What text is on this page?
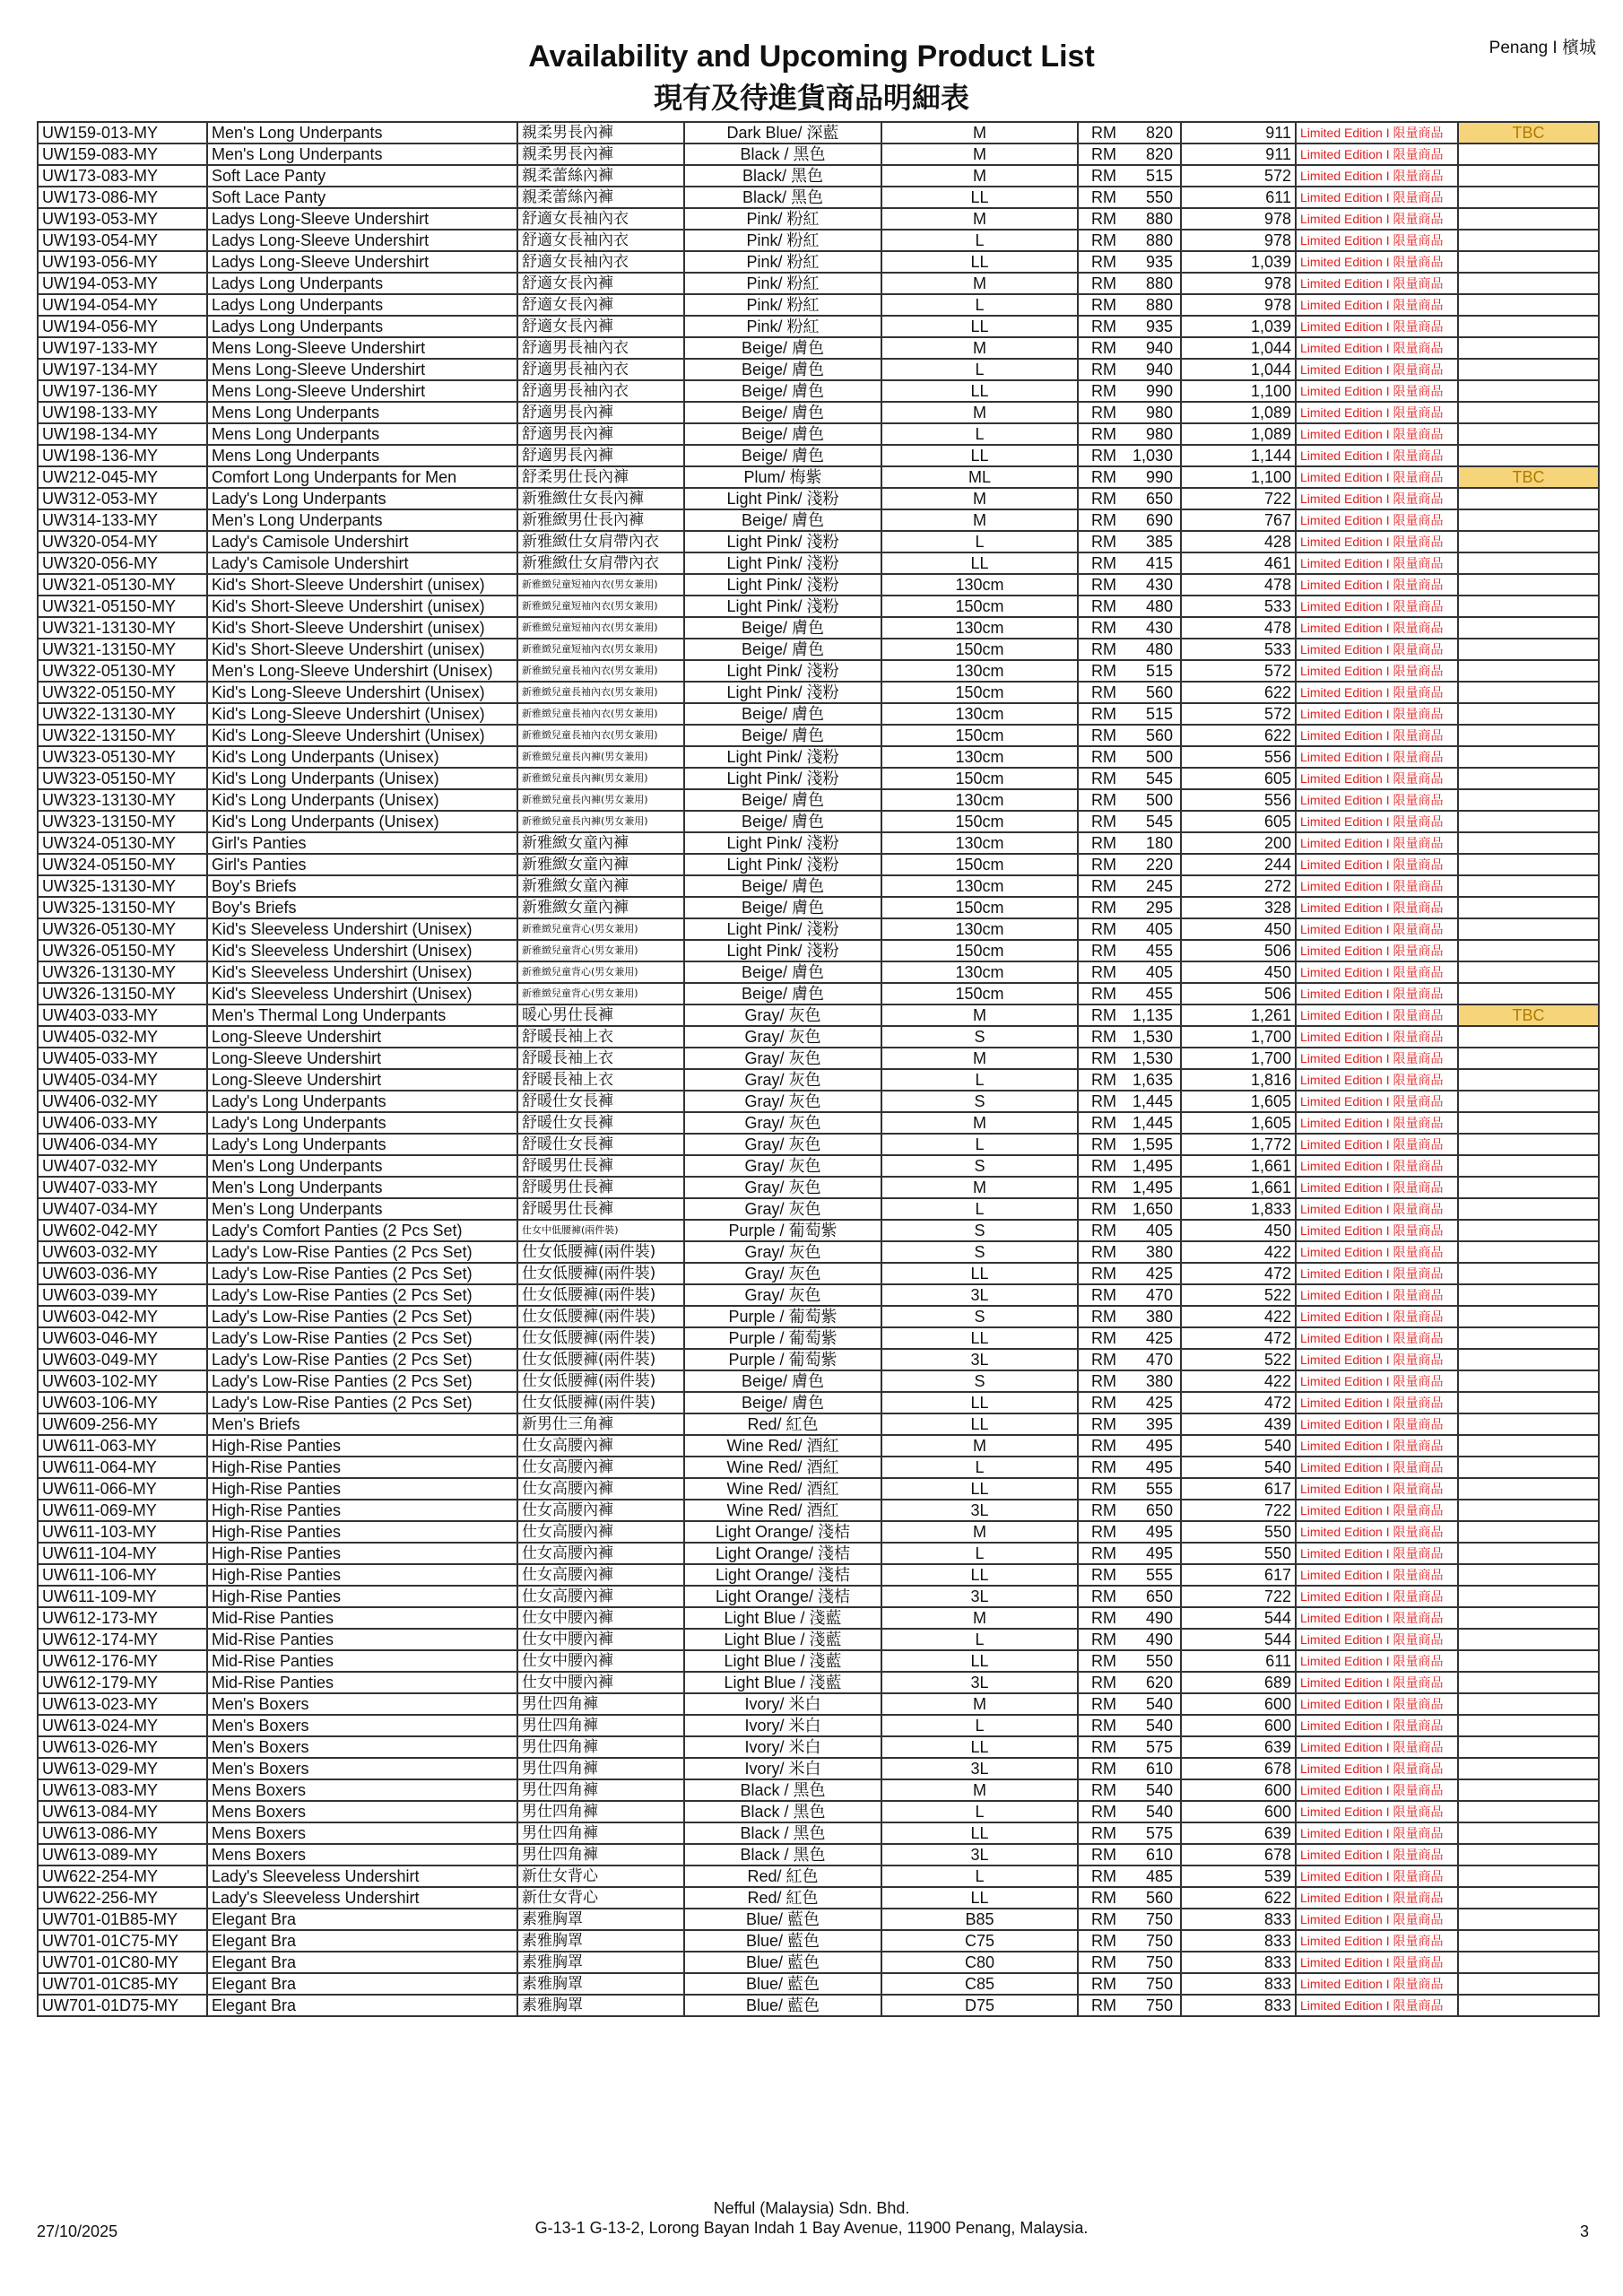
Penang I 檳城
Availability and Upcoming Product List
現有及待進貨商品明細表
UW159-013-MY	Men's Long Underpants	親柔男長內褲	Dark Blue/ 深藍	M	RM	820	911	Limited Edition I 限量商品	TBC
UW159-083-MY	Men's Long Underpants	親柔男長內褲	Black / 黑色	M	RM	820	911	Limited Edition I 限量商品	
UW173-083-MY	Soft Lace Panty	親柔蕾絲內褲	Black/ 黑色	M	RM	515	572	Limited Edition I 限量商品	
UW173-086-MY	Soft Lace Panty	親柔蕾絲內褲	Black/ 黑色	LL	RM	550	611	Limited Edition I 限量商品	
UW193-053-MY	Ladys Long-Sleeve Undershirt	舒適女長袖內衣	Pink/ 粉紅	M	RM	880	978	Limited Edition I 限量商品	
UW193-054-MY	Ladys Long-Sleeve Undershirt	舒適女長袖內衣	Pink/ 粉紅	L	RM	880	978	Limited Edition I 限量商品	
UW193-056-MY	Ladys Long-Sleeve Undershirt	舒適女長袖內衣	Pink/ 粉紅	LL	RM	935	1,039	Limited Edition I 限量商品	
UW194-053-MY	Ladys Long Underpants	舒適女長內褲	Pink/ 粉紅	M	RM	880	978	Limited Edition I 限量商品	
UW194-054-MY	Ladys Long Underpants	舒適女長內褲	Pink/ 粉紅	L	RM	880	978	Limited Edition I 限量商品	
UW194-056-MY	Ladys Long Underpants	舒適女長內褲	Pink/ 粉紅	LL	RM	935	1,039	Limited Edition I 限量商品	
UW197-133-MY	Mens Long-Sleeve Undershirt	舒適男長袖內衣	Beige/ 膚色	M	RM	940	1,044	Limited Edition I 限量商品	
UW197-134-MY	Mens Long-Sleeve Undershirt	舒適男長袖內衣	Beige/ 膚色	L	RM	940	1,044	Limited Edition I 限量商品	
UW197-136-MY	Mens Long-Sleeve Undershirt	舒適男長袖內衣	Beige/ 膚色	LL	RM	990	1,100	Limited Edition I 限量商品	
UW198-133-MY	Mens Long Underpants	舒適男長內褲	Beige/ 膚色	M	RM	980	1,089	Limited Edition I 限量商品	
UW198-134-MY	Mens Long Underpants	舒適男長內褲	Beige/ 膚色	L	RM	980	1,089	Limited Edition I 限量商品	
UW198-136-MY	Mens Long Underpants	舒適男長內褲	Beige/ 膚色	LL	RM	1,030	1,144	Limited Edition I 限量商品	
UW212-045-MY	Comfort Long Underpants for Men	舒柔男仕長內褲	Plum/ 梅紫	ML	RM	990	1,100	Limited Edition I 限量商品	TBC
UW312-053-MY	Lady's Long Underpants	新雅緻仕女長內褲	Light Pink/ 淺粉	M	RM	650	722	Limited Edition I 限量商品	
UW314-133-MY	Men's Long Underpants	新雅緻男仕長內褲	Beige/ 膚色	M	RM	690	767	Limited Edition I 限量商品	
UW320-054-MY	Lady's Camisole Undershirt	新雅緻仕女肩帶內衣	Light Pink/ 淺粉	L	RM	385	428	Limited Edition I 限量商品	
UW320-056-MY	Lady's Camisole Undershirt	新雅緻仕女肩帶內衣	Light Pink/ 淺粉	LL	RM	415	461	Limited Edition I 限量商品	
UW321-05130-MY	Kid's Short-Sleeve Undershirt (unisex)	新雅緻兒童短袖內衣(男女兼用)	Light Pink/ 淺粉	130cm	RM	430	478	Limited Edition I 限量商品	
UW321-05150-MY	Kid's Short-Sleeve Undershirt (unisex)	新雅緻兒童短袖內衣(男女兼用)	Light Pink/ 淺粉	150cm	RM	480	533	Limited Edition I 限量商品	
UW321-13130-MY	Kid's Short-Sleeve Undershirt (unisex)	新雅緻兒童短袖內衣(男女兼用)	Beige/ 膚色	130cm	RM	430	478	Limited Edition I 限量商品	
UW321-13150-MY	Kid's Short-Sleeve Undershirt (unisex)	新雅緻兒童短袖內衣(男女兼用)	Beige/ 膚色	150cm	RM	480	533	Limited Edition I 限量商品	
UW322-05130-MY	Men's Long-Sleeve Undershirt (Unisex)	新雅緻兒童長袖內衣(男女兼用)	Light Pink/ 淺粉	130cm	RM	515	572	Limited Edition I 限量商品	
UW322-05150-MY	Kid's Long-Sleeve Undershirt (Unisex)	新雅緻兒童長袖內衣(男女兼用)	Light Pink/ 淺粉	150cm	RM	560	622	Limited Edition I 限量商品	
UW322-13130-MY	Kid's Long-Sleeve Undershirt (Unisex)	新雅緻兒童長袖內衣(男女兼用)	Beige/ 膚色	130cm	RM	515	572	Limited Edition I 限量商品	
UW322-13150-MY	Kid's Long-Sleeve Undershirt (Unisex)	新雅緻兒童長袖內衣(男女兼用)	Beige/ 膚色	150cm	RM	560	622	Limited Edition I 限量商品	
UW323-05130-MY	Kid's Long Underpants (Unisex)	新雅緻兒童長內褲(男女兼用)	Light Pink/ 淺粉	130cm	RM	500	556	Limited Edition I 限量商品	
UW323-05150-MY	Kid's Long Underpants (Unisex)	新雅緻兒童長內褲(男女兼用)	Light Pink/ 淺粉	150cm	RM	545	605	Limited Edition I 限量商品	
UW323-13130-MY	Kid's Long Underpants (Unisex)	新雅緻兒童長內褲(男女兼用)	Beige/ 膚色	130cm	RM	500	556	Limited Edition I 限量商品	
UW323-13150-MY	Kid's Long Underpants (Unisex)	新雅緻兒童長內褲(男女兼用)	Beige/ 膚色	150cm	RM	545	605	Limited Edition I 限量商品	
UW324-05130-MY	Girl's Panties	新雅緻女童內褲	Light Pink/ 淺粉	130cm	RM	180	200	Limited Edition I 限量商品	
UW324-05150-MY	Girl's Panties	新雅緻女童內褲	Light Pink/ 淺粉	150cm	RM	220	244	Limited Edition I 限量商品	
UW325-13130-MY	Boy's Briefs	新雅緻女童內褲	Beige/ 膚色	130cm	RM	245	272	Limited Edition I 限量商品	
UW325-13150-MY	Boy's Briefs	新雅緻女童內褲	Beige/ 膚色	150cm	RM	295	328	Limited Edition I 限量商品	
UW326-05130-MY	Kid's Sleeveless Undershirt (Unisex)	新雅緻兒童背心(男女兼用)	Light Pink/ 淺粉	130cm	RM	405	450	Limited Edition I 限量商品	
UW326-05150-MY	Kid's Sleeveless Undershirt (Unisex)	新雅緻兒童背心(男女兼用)	Light Pink/ 淺粉	150cm	RM	455	506	Limited Edition I 限量商品	
UW326-13130-MY	Kid's Sleeveless Undershirt (Unisex)	新雅緻兒童背心(男女兼用)	Beige/ 膚色	130cm	RM	405	450	Limited Edition I 限量商品	
UW326-13150-MY	Kid's Sleeveless Undershirt (Unisex)	新雅緻兒童背心(男女兼用)	Beige/ 膚色	150cm	RM	455	506	Limited Edition I 限量商品	
UW403-033-MY	Men's Thermal Long Underpants	暖心男仕長褲	Gray/ 灰色	M	RM	1,135	1,261	Limited Edition I 限量商品	TBC
UW405-032-MY	Long-Sleeve Undershirt	舒暖長袖上衣	Gray/ 灰色	S	RM	1,530	1,700	Limited Edition I 限量商品	
UW405-033-MY	Long-Sleeve Undershirt	舒暖長袖上衣	Gray/ 灰色	M	RM	1,530	1,700	Limited Edition I 限量商品	
UW405-034-MY	Long-Sleeve Undershirt	舒暖長袖上衣	Gray/ 灰色	L	RM	1,635	1,816	Limited Edition I 限量商品	
UW406-032-MY	Lady's Long Underpants	舒暖仕女長褲	Gray/ 灰色	S	RM	1,445	1,605	Limited Edition I 限量商品	
UW406-033-MY	Lady's Long Underpants	舒暖仕女長褲	Gray/ 灰色	M	RM	1,445	1,605	Limited Edition I 限量商品	
UW406-034-MY	Lady's Long Underpants	舒暖仕女長褲	Gray/ 灰色	L	RM	1,595	1,772	Limited Edition I 限量商品	
UW407-032-MY	Men's Long Underpants	舒暖男仕長褲	Gray/ 灰色	S	RM	1,495	1,661	Limited Edition I 限量商品	
UW407-033-MY	Men's Long Underpants	舒暖男仕長褲	Gray/ 灰色	M	RM	1,495	1,661	Limited Edition I 限量商品	
UW407-034-MY	Men's Long Underpants	舒暖男仕長褲	Gray/ 灰色	L	RM	1,650	1,833	Limited Edition I 限量商品	
UW602-042-MY	Lady's Comfort Panties (2 Pcs Set)	仕女中低腰褲(兩件裝)	Purple / 葡萄紫	S	RM	405	450	Limited Edition I 限量商品	
UW603-032-MY	Lady's Low-Rise Panties (2 Pcs Set)	仕女低腰褲(兩件裝)	Gray/ 灰色	S	RM	380	422	Limited Edition I 限量商品	
UW603-036-MY	Lady's Low-Rise Panties (2 Pcs Set)	仕女低腰褲(兩件裝)	Gray/ 灰色	LL	RM	425	472	Limited Edition I 限量商品	
UW603-039-MY	Lady's Low-Rise Panties (2 Pcs Set)	仕女低腰褲(兩件裝)	Gray/ 灰色	3L	RM	470	522	Limited Edition I 限量商品	
UW603-042-MY	Lady's Low-Rise Panties (2 Pcs Set)	仕女低腰褲(兩件裝)	Purple / 葡萄紫	S	RM	380	422	Limited Edition I 限量商品	
UW603-046-MY	Lady's Low-Rise Panties (2 Pcs Set)	仕女低腰褲(兩件裝)	Purple / 葡萄紫	LL	RM	425	472	Limited Edition I 限量商品	
UW603-049-MY	Lady's Low-Rise Panties (2 Pcs Set)	仕女低腰褲(兩件裝)	Purple / 葡萄紫	3L	RM	470	522	Limited Edition I 限量商品	
UW603-102-MY	Lady's Low-Rise Panties (2 Pcs Set)	仕女低腰褲(兩件裝)	Beige/ 膚色	S	RM	380	422	Limited Edition I 限量商品	
UW603-106-MY	Lady's Low-Rise Panties (2 Pcs Set)	仕女低腰褲(兩件裝)	Beige/ 膚色	LL	RM	425	472	Limited Edition I 限量商品	
UW609-256-MY	Men's Briefs	新男仕三角褲	Red/ 紅色	LL	RM	395	439	Limited Edition I 限量商品	
UW611-063-MY	High-Rise Panties	仕女高腰內褲	Wine Red/ 酒紅	M	RM	495	540	Limited Edition I 限量商品	
UW611-064-MY	High-Rise Panties	仕女高腰內褲	Wine Red/ 酒紅	L	RM	495	540	Limited Edition I 限量商品	
UW611-066-MY	High-Rise Panties	仕女高腰內褲	Wine Red/ 酒紅	LL	RM	555	617	Limited Edition I 限量商品	
UW611-069-MY	High-Rise Panties	仕女高腰內褲	Wine Red/ 酒紅	3L	RM	650	722	Limited Edition I 限量商品	
UW611-103-MY	High-Rise Panties	仕女高腰內褲	Light Orange/ 淺桔	M	RM	495	550	Limited Edition I 限量商品	
UW611-104-MY	High-Rise Panties	仕女高腰內褲	Light Orange/ 淺桔	L	RM	495	550	Limited Edition I 限量商品	
UW611-106-MY	High-Rise Panties	仕女高腰內褲	Light Orange/ 淺桔	LL	RM	555	617	Limited Edition I 限量商品	
UW611-109-MY	High-Rise Panties	仕女高腰內褲	Light Orange/ 淺桔	3L	RM	650	722	Limited Edition I 限量商品	
UW612-173-MY	Mid-Rise Panties	仕女中腰內褲	Light Blue / 淺藍	M	RM	490	544	Limited Edition I 限量商品	
UW612-174-MY	Mid-Rise Panties	仕女中腰內褲	Light Blue / 淺藍	L	RM	490	544	Limited Edition I 限量商品	
UW612-176-MY	Mid-Rise Panties	仕女中腰內褲	Light Blue / 淺藍	LL	RM	550	611	Limited Edition I 限量商品	
UW612-179-MY	Mid-Rise Panties	仕女中腰內褲	Light Blue / 淺藍	3L	RM	620	689	Limited Edition I 限量商品	
UW613-023-MY	Men's Boxers	男仕四角褲	Ivory/ 米白	M	RM	540	600	Limited Edition I 限量商品	
UW613-024-MY	Men's Boxers	男仕四角褲	Ivory/ 米白	L	RM	540	600	Limited Edition I 限量商品	
UW613-026-MY	Men's Boxers	男仕四角褲	Ivory/ 米白	LL	RM	575	639	Limited Edition I 限量商品	
UW613-029-MY	Men's Boxers	男仕四角褲	Ivory/ 米白	3L	RM	610	678	Limited Edition I 限量商品	
UW613-083-MY	Mens Boxers	男仕四角褲	Black / 黑色	M	RM	540	600	Limited Edition I 限量商品	
UW613-084-MY	Mens Boxers	男仕四角褲	Black / 黑色	L	RM	540	600	Limited Edition I 限量商品	
UW613-086-MY	Mens Boxers	男仕四角褲	Black / 黑色	LL	RM	575	639	Limited Edition I 限量商品	
UW613-089-MY	Mens Boxers	男仕四角褲	Black / 黑色	3L	RM	610	678	Limited Edition I 限量商品	
UW622-254-MY	Lady's Sleeveless Undershirt	新仕女背心	Red/ 紅色	L	RM	485	539	Limited Edition I 限量商品	
UW622-256-MY	Lady's Sleeveless Undershirt	新仕女背心	Red/ 紅色	LL	RM	560	622	Limited Edition I 限量商品	
UW701-01B85-MY	Elegant Bra	素雅胸罩	Blue/ 藍色	B85	RM	750	833	Limited Edition I 限量商品	
UW701-01C75-MY	Elegant Bra	素雅胸罩	Blue/ 藍色	C75	RM	750	833	Limited Edition I 限量商品	
UW701-01C80-MY	Elegant Bra	素雅胸罩	Blue/ 藍色	C80	RM	750	833	Limited Edition I 限量商品	
UW701-01C85-MY	Elegant Bra	素雅胸罩	Blue/ 藍色	C85	RM	750	833	Limited Edition I 限量商品	
UW701-01D75-MY	Elegant Bra	素雅胸罩	Blue/ 藍色	D75	RM	750	833	Limited Edition I 限量商品	
Nefful (Malaysia) Sdn. Bhd.
G-13-1 G-13-2, Lorong Bayan Indah 1 Bay Avenue, 11900 Penang, Malaysia.
27/10/2025	3
